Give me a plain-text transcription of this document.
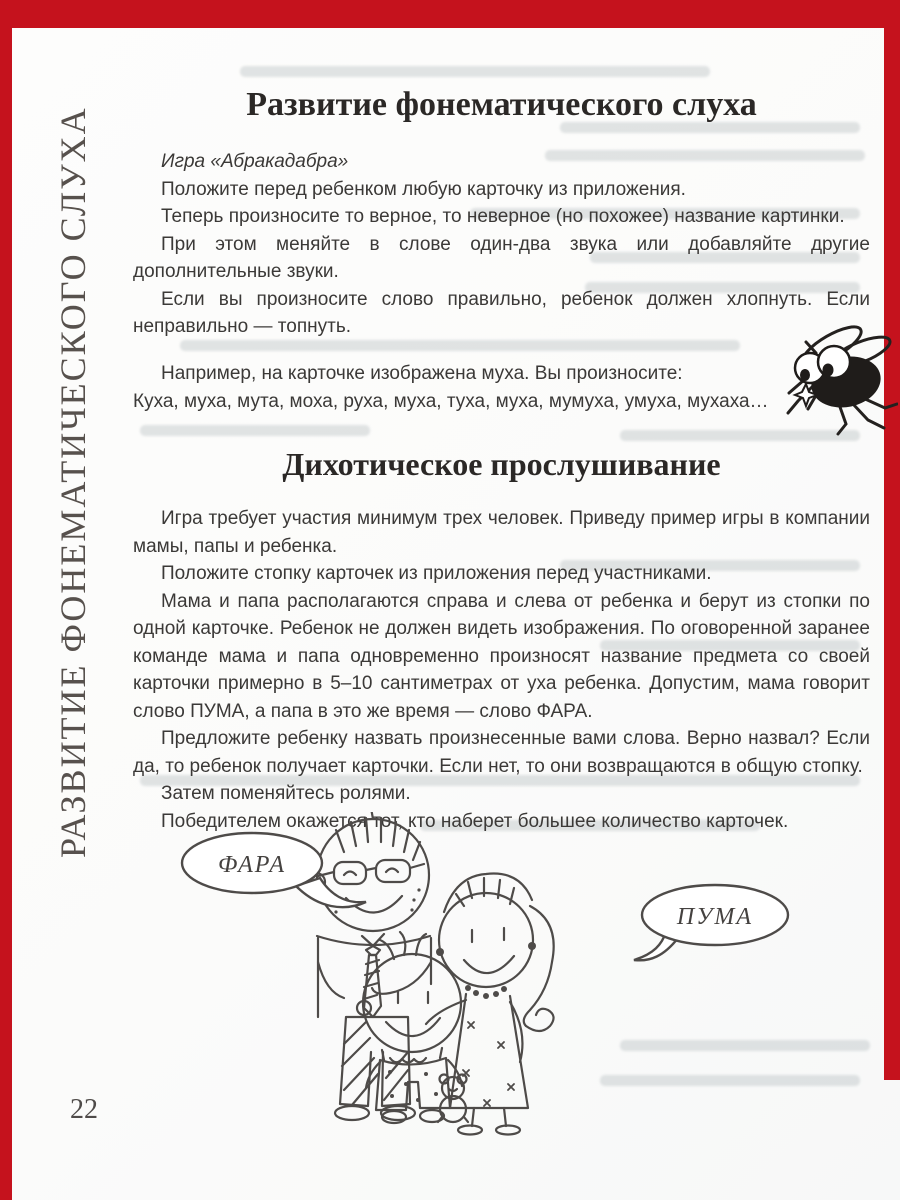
РАЗВИТИЕ ФОНЕМАТИЧЕСКОГО СЛУХА
Развитие фонематического слуха

Игра «Абракадабра»

Положите перед ребенком любую карточку из приложения.

Теперь произносите то верное, то неверное (но похожее) название картинки.

При этом меняйте в слове один-два звука или добавляйте другие дополнительные звуки.

Если вы произносите слово правильно, ребенок должен хлопнуть. Если неправильно — топнуть.

Например, на карточке изображена муха. Вы произносите:

Куха, муха, мута, моха, руха, муха, туха, муха, мумуха, умуха, мухаха…

Дихотическое прослушивание

Игра требует участия минимум трех человек. Приведу пример игры в компании мамы, папы и ребенка.

Положите стопку карточек из приложения перед участниками.

Мама и папа располагаются справа и слева от ребенка и берут из стопки по одной карточке. Ребенок не должен видеть изображения. По оговоренной заранее команде мама и папа одновременно произносят название предмета со своей карточки примерно в 5–10 сантиметрах от уха ребенка. Допустим, мама говорит слово ПУМА, а папа в это же время — слово ФАРА.

Предложите ребенку назвать произнесенные вами слова. Верно назвал? Если да, то ребенок получает карточки. Если нет, то они возвращаются в общую стопку.

Затем поменяйтесь ролями.

Победителем окажется тот, кто наберет большее количество карточек.

ФАРА
ПУМА
22
